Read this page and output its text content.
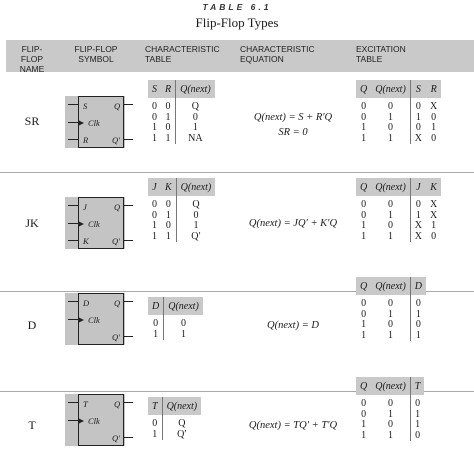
TABLE 6.1
Flip-Flop Types
FLIP-FLOP
NAME
FLIP-FLOP
SYMBOL
CHARACTERISTIC
TABLE
CHARACTERISTIC
EQUATION
EXCITATION
TABLE
SR
S
R
Q
Q′
Clk
S	R	Q(next)
0	0	Q
0	1	0
1	0	1
1	1	NA
Q(next) = S + R′Q
SR = 0
Q	Q(next)	S	R
0	0	0	X
0	1	1	0
1	0	0	1
1	1	X	0
JK
J
K
Q
Q′
Clk
J	K	Q(next)
0	0	Q
0	1	0
1	0	1
1	1	Q′
Q(next) = JQ′ + K′Q
Q	Q(next)	J	K
0	0	0	X
0	1	1	X
1	0	X	1
1	1	X	0
D
D	Q
Q′
Clk
D	Q(next)
0	0
1	1
Q(next) = D
Q	Q(next)	D
0	0	0
0	1	1
1	0	0
1	1	1
T
T	Q
Q′
Clk
T	Q(next)
0	Q
1	Q′
Q(next) = TQ′ + T′Q
Q	Q(next)	T
0	0	0
0	1	1
1	0	1
1	1	0
